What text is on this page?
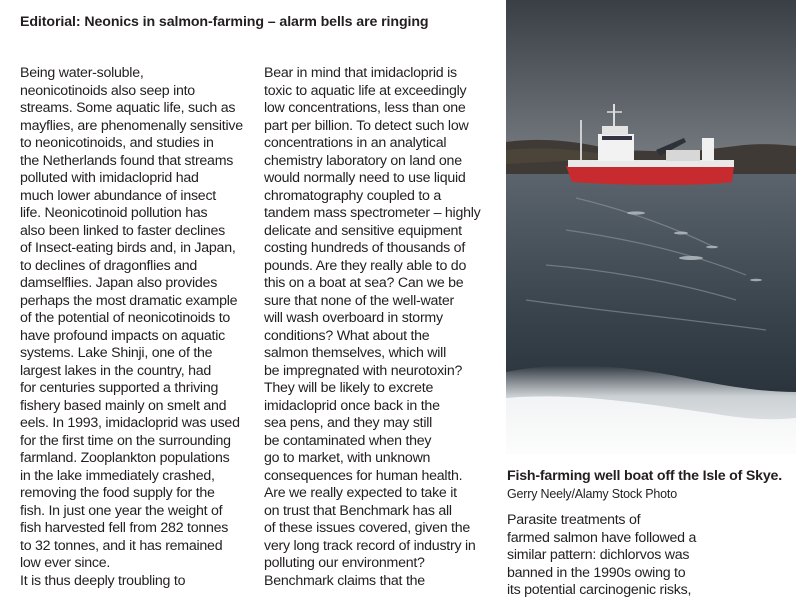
Editorial: Neonics in salmon-farming – alarm bells are ringing

Being water-soluble,

neonicotinoids also seep into

streams. Some aquatic life, such as

mayflies, are phenomenally sensitive

to neonicotinoids, and studies in

the Netherlands found that streams

polluted with imidacloprid had

much lower abundance of insect

life. Neonicotinoid pollution has

also been linked to faster declines

of Insect-eating birds and, in Japan,

to declines of dragonflies and

damselflies. Japan also provides

perhaps the most dramatic example

of the potential of neonicotinoids to

have profound impacts on aquatic

systems. Lake Shinji, one of the

largest lakes in the country, had

for centuries supported a thriving

fishery based mainly on smelt and

eels. In 1993, imidacloprid was used

for the first time on the surrounding

farmland. Zooplankton populations

in the lake immediately crashed,

removing the food supply for the

fish. In just one year the weight of

fish harvested fell from 282 tonnes

to 32 tonnes, and it has remained

low ever since.

It is thus deeply troubling to

Bear in mind that imidacloprid is

toxic to aquatic life at exceedingly

low concentrations, less than one

part per billion. To detect such low

concentrations in an analytical

chemistry laboratory on land one

would normally need to use liquid

chromatography coupled to a

tandem mass spectrometer – highly

delicate and sensitive equipment

costing hundreds of thousands of

pounds. Are they really able to do

this on a boat at sea? Can we be

sure that none of the well-water

will wash overboard in stormy

conditions? What about the

salmon themselves, which will

be impregnated with neurotoxin?

They will be likely to excrete

imidacloprid once back in the

sea pens, and they may still

be contaminated when they

go to market, with unknown

consequences for human health.

Are we really expected to take it

on trust that Benchmark has all

of these issues covered, given the

very long track record of industry in

polluting our environment?

Benchmark claims that the

Fish-farming well boat off the Isle of Skye. Gerry Neely/Alamy Stock Photo

Parasite treatments of

farmed salmon have followed a

similar pattern: dichlorvos was

banned in the 1990s owing to

its potential carcinogenic risks,
